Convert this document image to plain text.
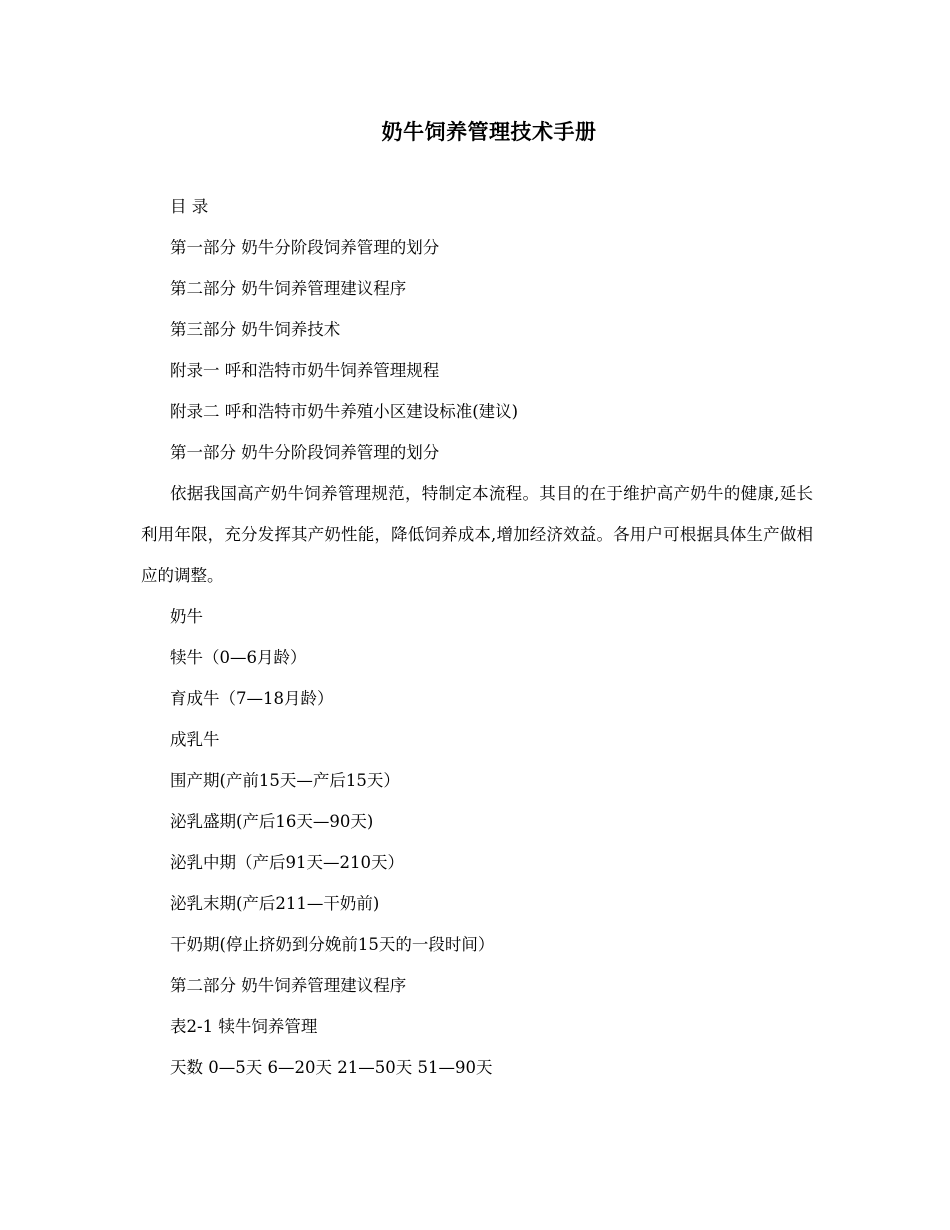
奶牛饲养管理技术手册

目 录

第一部分 奶牛分阶段饲养管理的划分

第二部分 奶牛饲养管理建议程序

第三部分 奶牛饲养技术

附录一 呼和浩特市奶牛饲养管理规程

附录二 呼和浩特市奶牛养殖小区建设标准(建议)

第一部分 奶牛分阶段饲养管理的划分

依据我国高产奶牛饲养管理规范，特制定本流程。其目的在于维护高产奶牛的健康,延长利用年限，充分发挥其产奶性能，降低饲养成本,增加经济效益。各用户可根据具体生产做相应的调整。

奶牛

犊牛（0—6月龄）

育成牛（7—18月龄）

成乳牛

围产期(产前15天—产后15天）

泌乳盛期(产后16天—90天)

泌乳中期（产后91天—210天）

泌乳末期(产后211—干奶前)

干奶期(停止挤奶到分娩前15天的一段时间）

第二部分 奶牛饲养管理建议程序

表2-1 犊牛饲养管理

天数 0—5天 6—20天 21—50天 51—90天
